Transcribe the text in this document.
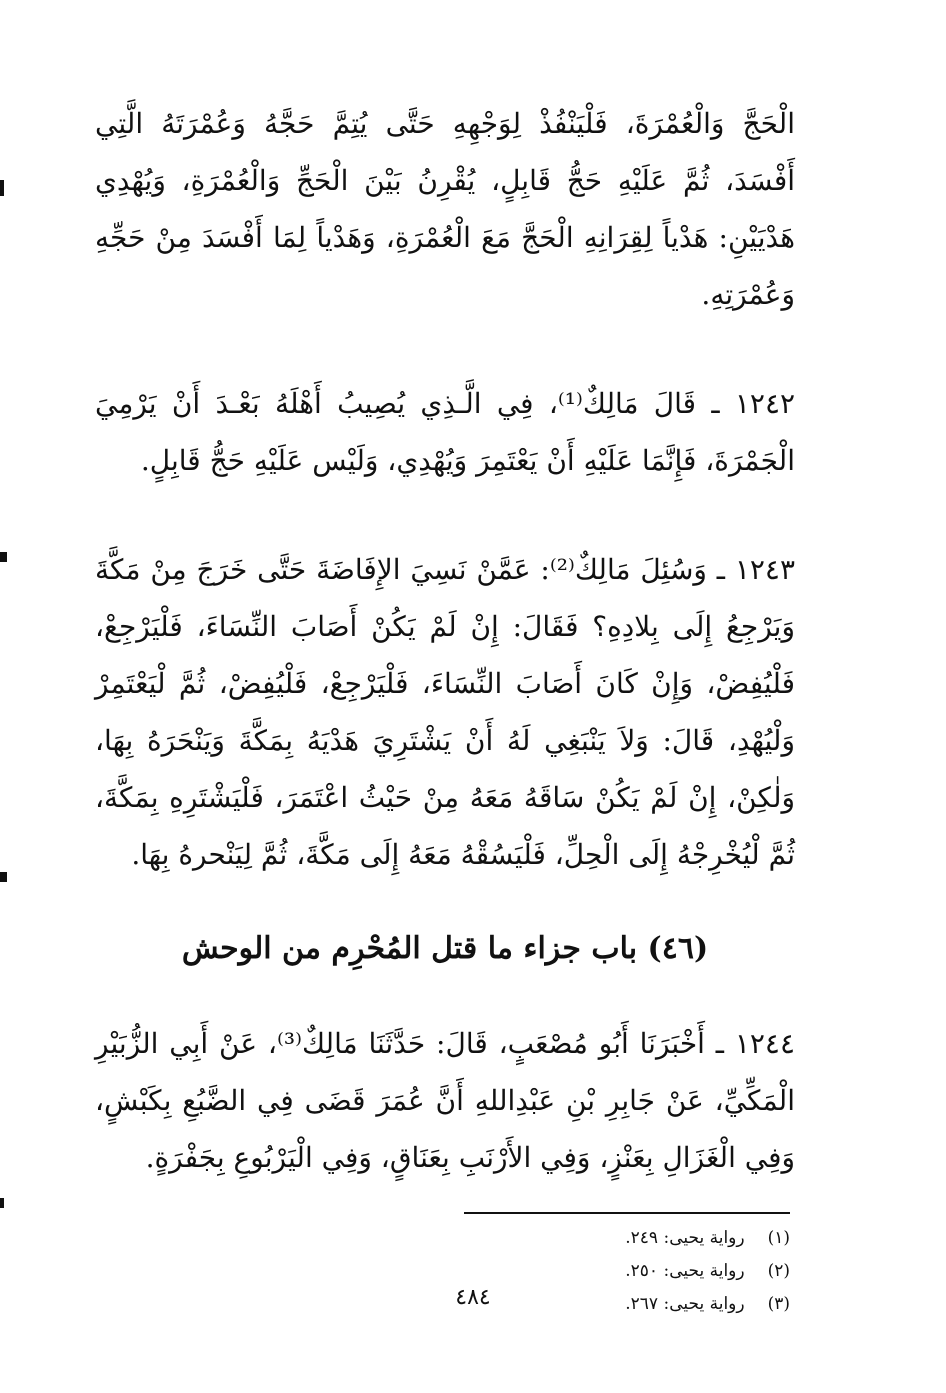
الْحَجَّ وَالْعُمْرَةَ، فَلْيَنْفُذْ لِوَجْهِهِ حَتَّى يُتِمَّ حَجَّهُ وَعُمْرَتَهُ الَّتِي أَفْسَدَ، ثُمَّ عَلَيْهِ حَجُّ قَابِلٍ، يُقْرِنُ بَيْنَ الْحَجِّ وَالْعُمْرَةِ، وَيُهْدِي هَدْيَيْنِ: هَدْياً لِقِرَانِهِ الْحَجَّ مَعَ الْعُمْرَةِ، وَهَدْياً لِمَا أَفْسَدَ مِنْ حَجِّهِ وَعُمْرَتِهِ.

١٢٤٢ ـ قَالَ مَالِكٌ⁽¹⁾، فِي الَّـذِي يُصِيبُ أَهْلَهُ بَعْـدَ أَنْ يَرْمِيَ الْجَمْرَةَ، فَإِنَّمَا عَلَيْهِ أَنْ يَعْتَمِرَ وَيُهْدِي، وَلَيْس عَلَيْهِ حَجُّ قَابِلٍ.

١٢٤٣ ـ وَسُئِلَ مَالِكٌ⁽²⁾: عَمَّنْ نَسِيَ الإِفَاضَةَ حَتَّى خَرَجَ مِنْ مَكَّةَ وَيَرْجِعُ إِلَى بِلادِهِ؟ فَقَالَ: إِنْ لَمْ يَكُنْ أَصَابَ النِّسَاءَ، فَلْيَرْجِعْ، فَلْيُفِضْ، وَإِنْ كَانَ أَصَابَ النِّسَاءَ، فَلْيَرْجِعْ، فَلْيُفِضْ، ثُمَّ لْيَعْتَمِرْ وَلْيُهْدِ، قَالَ: وَلاَ يَنْبَغِي لَهُ أَنْ يَشْتَرِيَ هَدْيَهُ بِمَكَّةَ وَيَنْحَرَهُ بِهَا، وَلٰكِنْ، إِنْ لَمْ يَكُنْ سَاقَهُ مَعَهُ مِنْ حَيْثُ اعْتَمَرَ، فَلْيَشْتَرِهِ بِمَكَّةَ، ثُمَّ لْيُخْرِجْهُ إِلَى الْحِلِّ، فَلْيَسُقْهُ مَعَهُ إِلَى مَكَّةَ، ثُمَّ لِيَنْحرهُ بِهَا.

(٤٦) باب جزاء ما قتل المُحْرِم من الوحش

١٢٤٤ ـ أَخْبَرَنَا أَبُو مُصْعَبٍ، قَالَ: حَدَّثَنَا مَالِكٌ⁽³⁾، عَنْ أَبِي الزُّبَيْرِ الْمَكِّيِّ، عَنْ جَابِرِ بْنِ عَبْدِاللهِ أَنَّ عُمَرَ قَضَى فِي الضَّبُعِ بِكَبْشٍ، وَفِي الْغَزَالِ بِعَنْزٍ، وَفِي الأَرْنَبِ بِعَنَاقٍ، وَفِي الْيَرْبُوعِ بِجَفْرَةٍ.

(١) رواية يحيى: ٢٤٩.
(٢) رواية يحيى: ٢٥٠.
(٣) رواية يحيى: ٢٦٧.
٤٨٤
